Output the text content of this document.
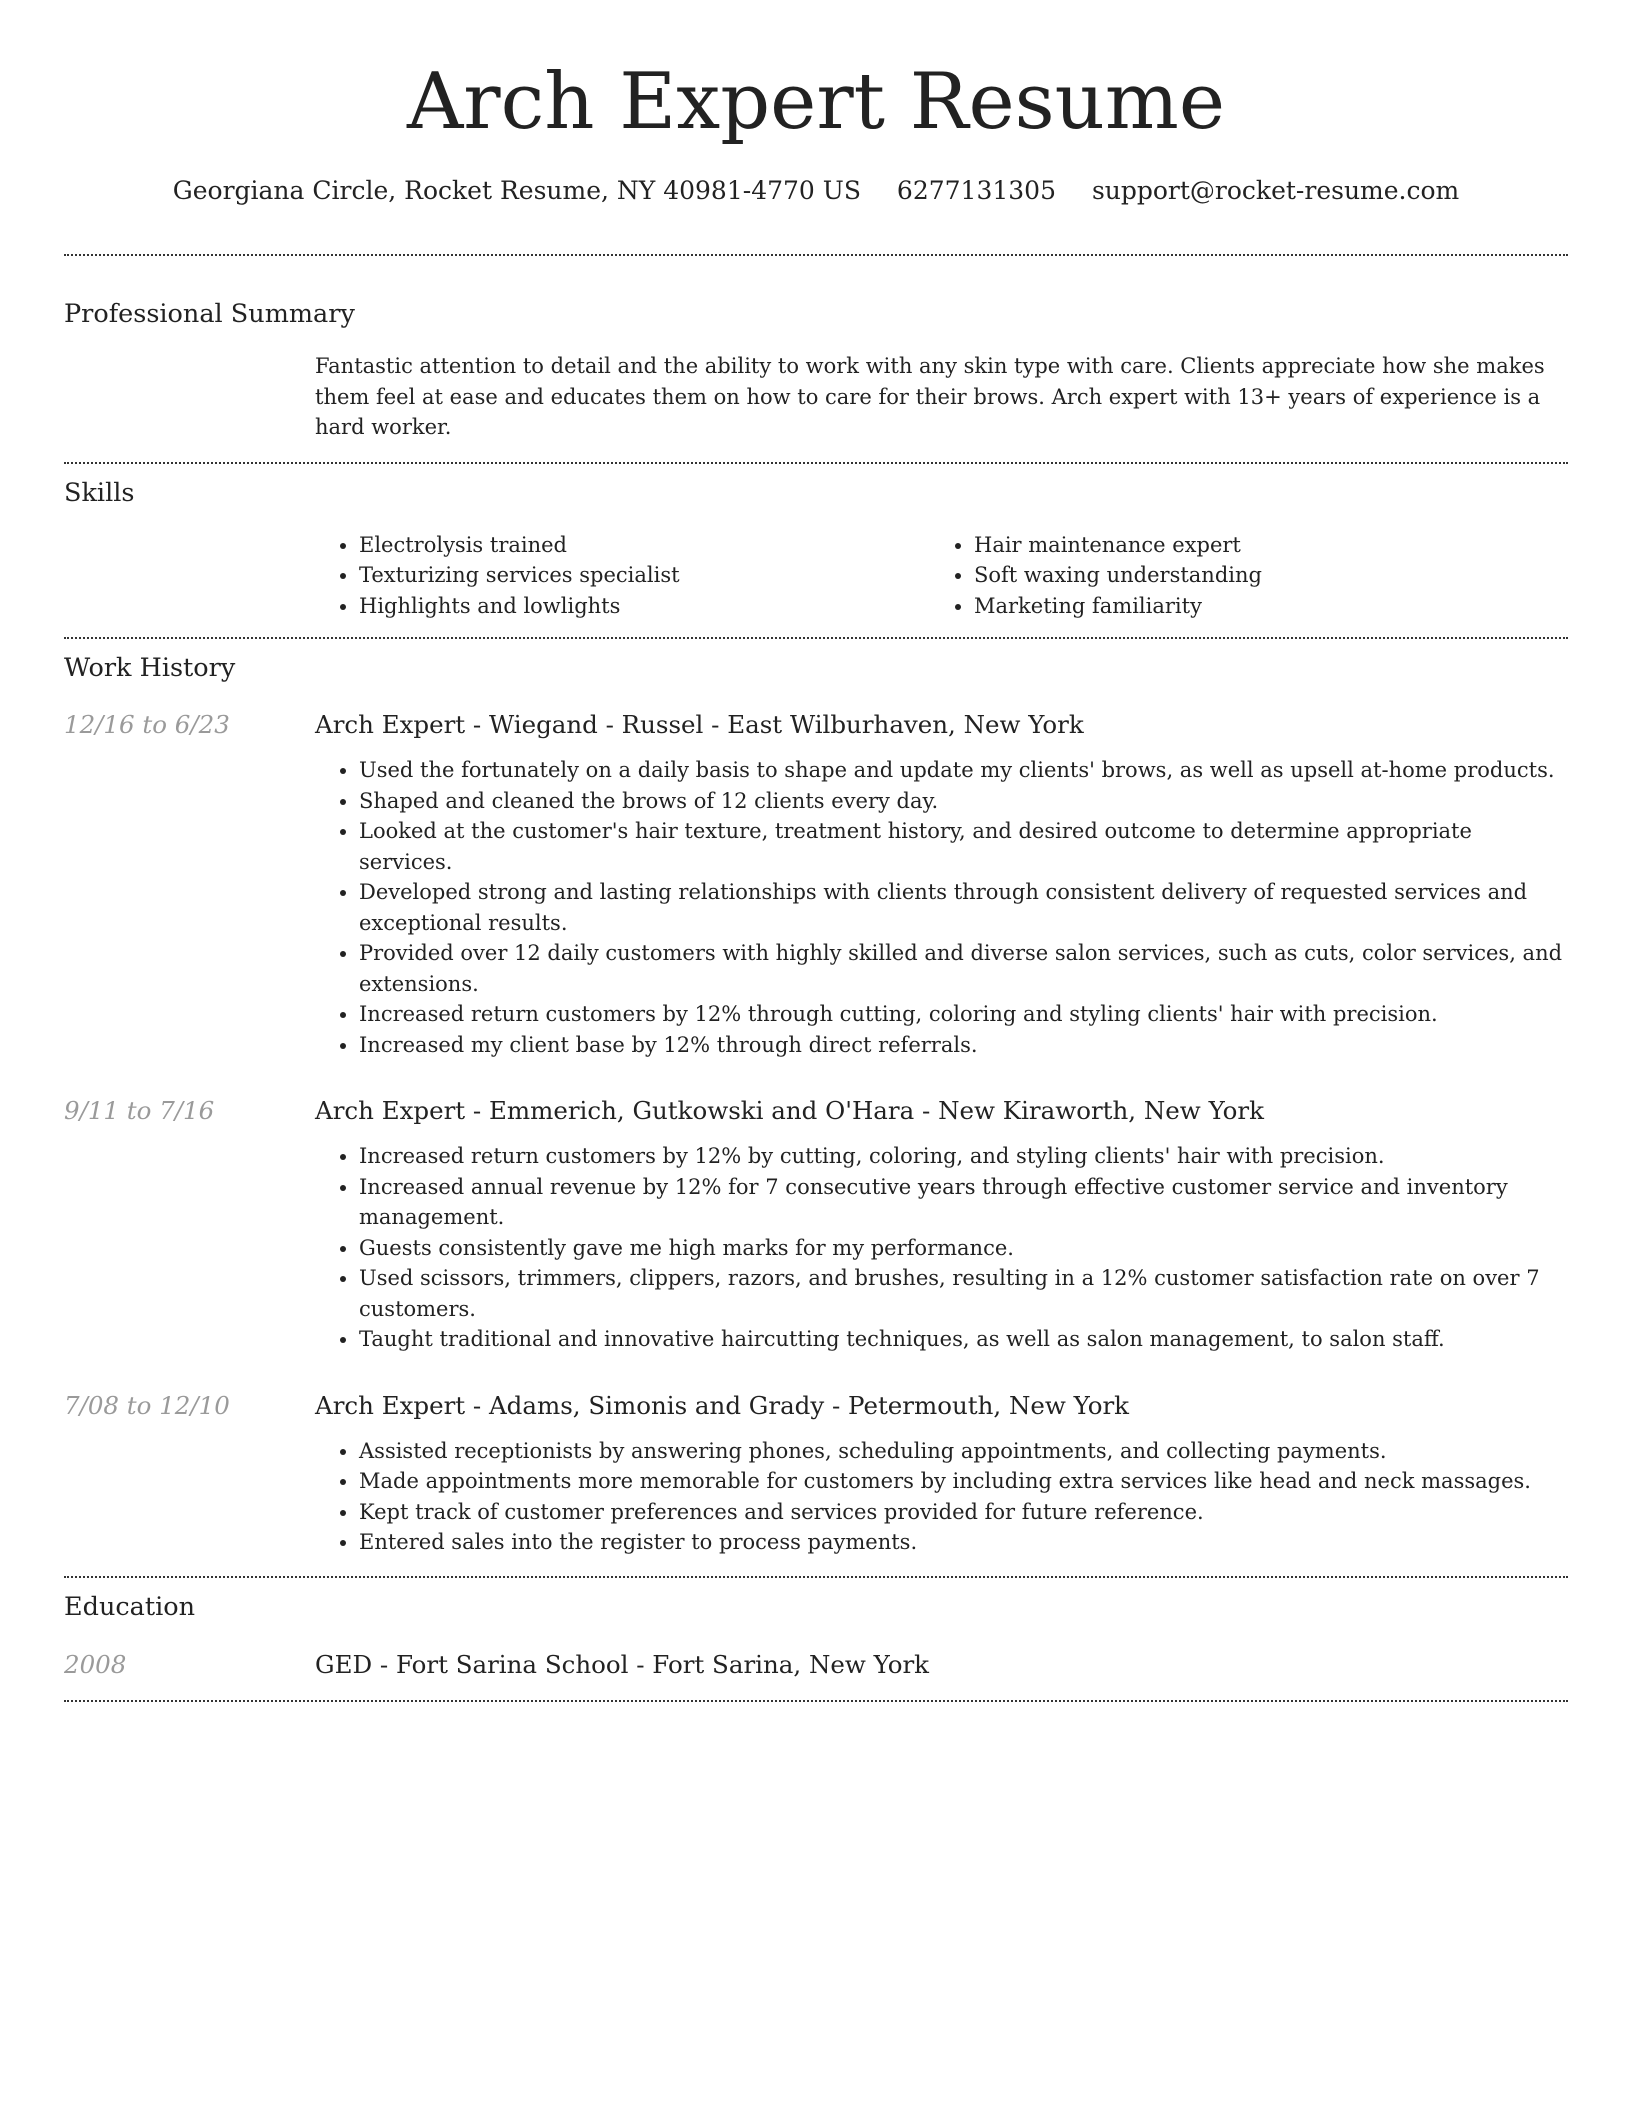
Arch Expert Resume
Georgiana Circle, Rocket Resume, NY 40981-4770 US 6277131305 support@rocket-resume.com
Professional Summary
Fantastic attention to detail and the ability to work with any skin type with care. Clients appreciate how she makes them feel at ease and educates them on how to care for their brows. Arch expert with 13+ years of experience is a hard worker.
Skills
• Electrolysis trained
• Texturizing services specialist
• Highlights and lowlights
• Hair maintenance expert
• Soft waxing understanding
• Marketing familiarity
Work History
12/16 to 6/23	Arch Expert - Wiegand - Russel - East Wilburhaven, New York
• Used the fortunately on a daily basis to shape and update my clients' brows, as well as upsell at-home products.
• Shaped and cleaned the brows of 12 clients every day.
• Looked at the customer's hair texture, treatment history, and desired outcome to determine appropriate services.
• Developed strong and lasting relationships with clients through consistent delivery of requested services and exceptional results.
• Provided over 12 daily customers with highly skilled and diverse salon services, such as cuts, color services, and extensions.
• Increased return customers by 12% through cutting, coloring and styling clients' hair with precision.
• Increased my client base by 12% through direct referrals.
9/11 to 7/16	Arch Expert - Emmerich, Gutkowski and O'Hara - New Kiraworth, New York
• Increased return customers by 12% by cutting, coloring, and styling clients' hair with precision.
• Increased annual revenue by 12% for 7 consecutive years through effective customer service and inventory management.
• Guests consistently gave me high marks for my performance.
• Used scissors, trimmers, clippers, razors, and brushes, resulting in a 12% customer satisfaction rate on over 7 customers.
• Taught traditional and innovative haircutting techniques, as well as salon management, to salon staff.
7/08 to 12/10	Arch Expert - Adams, Simonis and Grady - Petermouth, New York
• Assisted receptionists by answering phones, scheduling appointments, and collecting payments.
• Made appointments more memorable for customers by including extra services like head and neck massages.
• Kept track of customer preferences and services provided for future reference.
• Entered sales into the register to process payments.
Education
2008	GED - Fort Sarina School - Fort Sarina, New York
